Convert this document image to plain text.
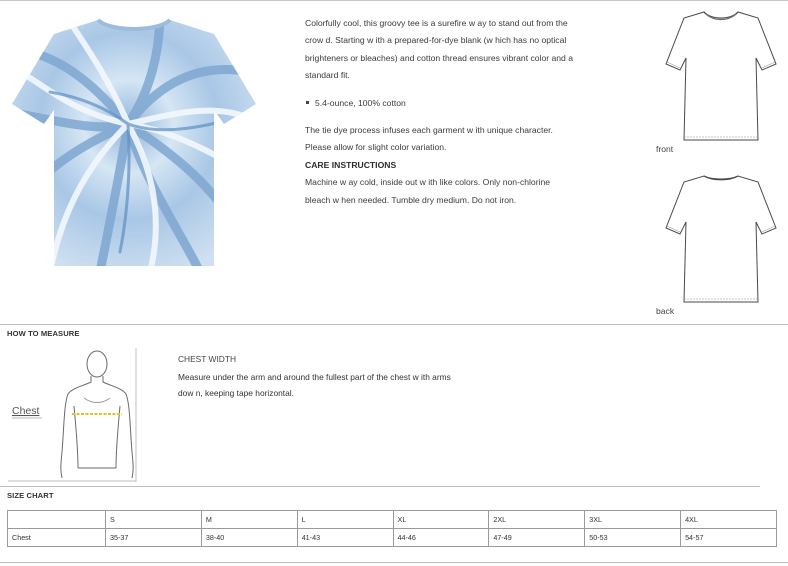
Colorfully cool, this groovy tee is a surefire w ay to stand out from the crow d. Starting w ith a prepared-for-dye blank (w hich has no optical brighteners or bleaches) and cotton thread ensures vibrant color and a standard fit.

5.4-ounce, 100% cotton

The tie dye process infuses each garment w ith unique character. Please allow for slight color variation.

CARE INSTRUCTIONS

Machine w ay cold, inside out w ith like colors. Only non-chlorine bleach w hen needed. Tumble dry medium. Do not iron.

front
back
HOW TO MEASURE
Chest
CHEST WIDTH
Measure under the arm and around the fullest part of the chest w ith arms dow n, keeping tape horizontal.
SIZE CHART
	S	M	L	XL	2XL	3XL	4XL
Chest	35-37	38-40	41-43	44-46	47-49	50-53	54-57
